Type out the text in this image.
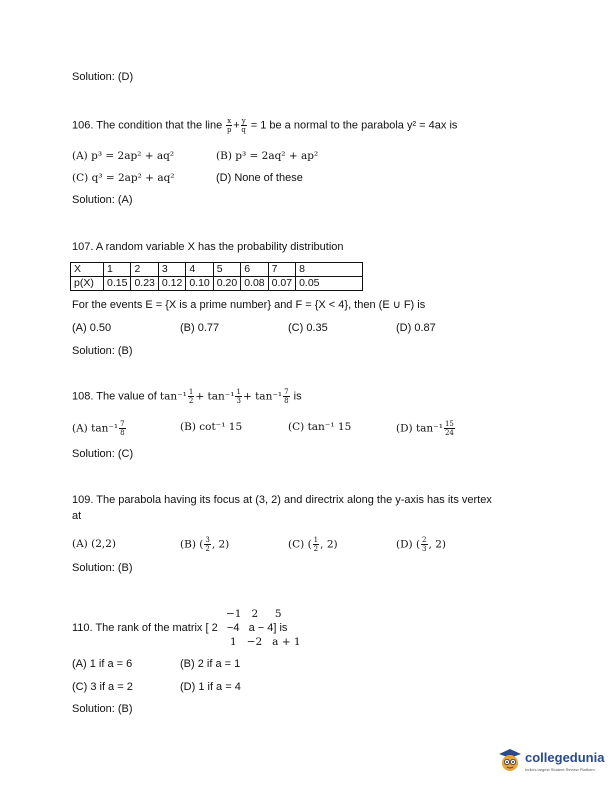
Solution: (D)
106. The condition that the line $\frac{x}{p} + \frac{y}{q} = 1$ be a normal to the parabola y² = 4ax is
(A) p³ = 2ap² + aq²	(B) p³ = 2aq² + ap²
(C) q³ = 2ap² + aq²	(D) None of these
Solution: (A)
107. A random variable X has the probability distribution
X	1	2	3	4	5	6	7	8
p(X)	0.15	0.23	0.12	0.10	0.20	0.08	0.07	0.05
For the events E = {X is a prime number} and F = {X < 4}, then (E ∪ F) is
(A) 0.50	(B) 0.77	(C) 0.35	(D) 0.87
Solution: (B)
108. The value of $\tan^{-1} \frac{1}{2} + \tan^{-1} \frac{1}{3} + \tan^{-1} \frac{7}{8}$ is
(A) $\tan^{-1} \frac{7}{8}$	(B) cot⁻¹ 15	(C) tan⁻¹ 15	(D) $\tan^{-1} \frac{15}{24}$
Solution: (C)
109. The parabola having its focus at (3, 2) and directrix along the y-axis has its vertex
at
(A) (2,2)	(B) ( $\frac{3}{2}$ , 2)	(C) ( $\frac{1}{2}$ , 2)	(D) ( $\frac{2}{3}$ , 2)
Solution: (B)
−1   2     5
110. The rank of the matrix [ 2   −4   a − 4] is
1   −2   a + 1
(A) 1 if a = 6	(B) 2 if a = 1
(C) 3 if a = 2	(D) 1 if a = 4
Solution: (B)
collegedunia
India's largest Student Review Platform
